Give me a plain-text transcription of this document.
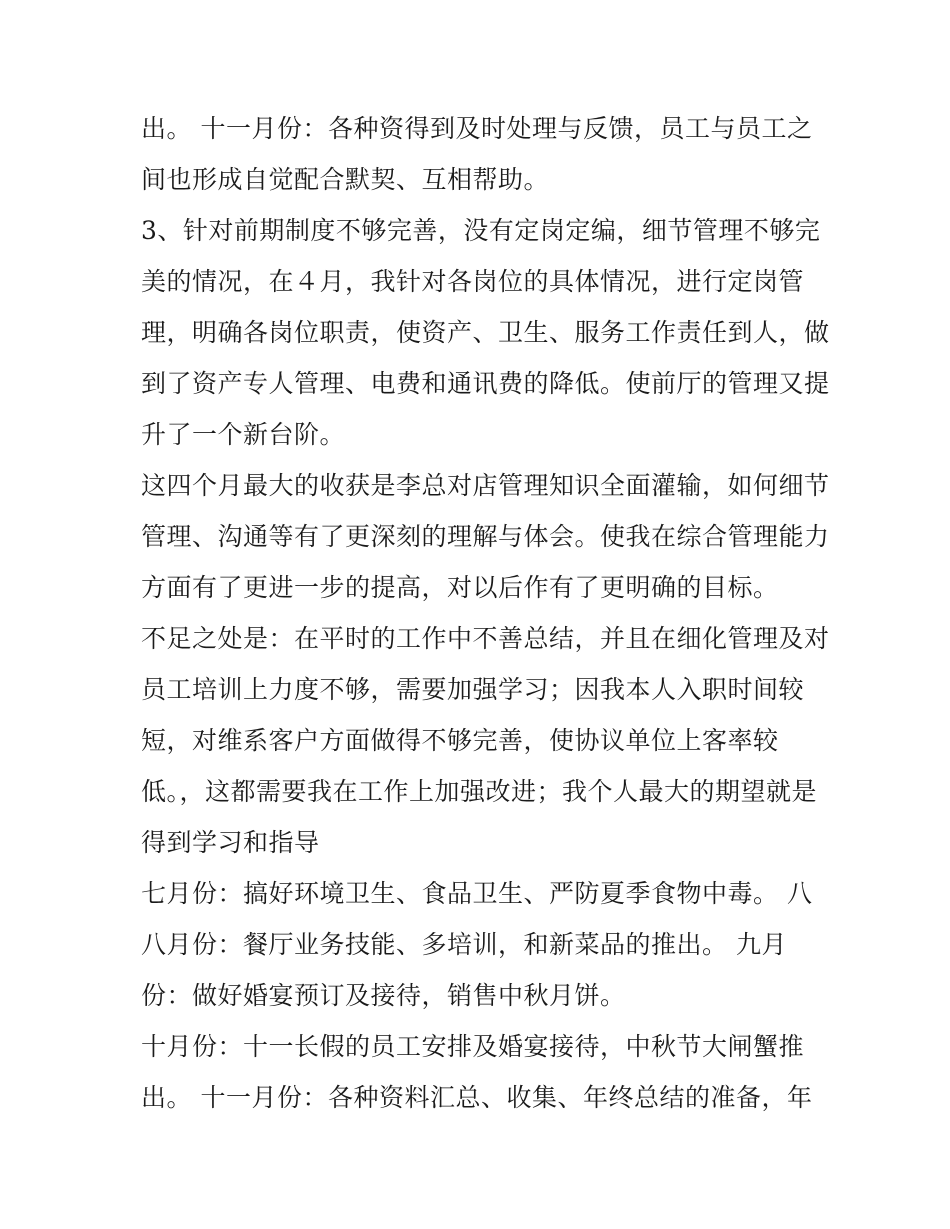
出。 十一月份：各种资得到及时处理与反馈，员工与员工之
间也形成自觉配合默契、互相帮助。
3、针对前期制度不够完善，没有定岗定编，细节管理不够完
美的情况，在４月，我针对各岗位的具体情况，进行定岗管
理，明确各岗位职责，使资产、卫生、服务工作责任到人，做
到了资产专人管理、电费和通讯费的降低。使前厅的管理又提
升了一个新台阶。
这四个月最大的收获是李总对店管理知识全面灌输，如何细节
管理、沟通等有了更深刻的理解与体会。使我在综合管理能力
方面有了更进一步的提高，对以后作有了更明确的目标。
不足之处是：在平时的工作中不善总结，并且在细化管理及对
员工培训上力度不够，需要加强学习；因我本人入职时间较
短，对维系客户方面做得不够完善，使协议单位上客率较
低。，这都需要我在工作上加强改进；我个人最大的期望就是
得到学习和指导
七月份：搞好环境卫生、食品卫生、严防夏季食物中毒。 八
八月份：餐厅业务技能、多培训，和新菜品的推出。 九月
份：做好婚宴预订及接待，销售中秋月饼。
十月份：十一长假的员工安排及婚宴接待，中秋节大闸蟹推
出。 十一月份：各种资料汇总、收集、年终总结的准备，年
